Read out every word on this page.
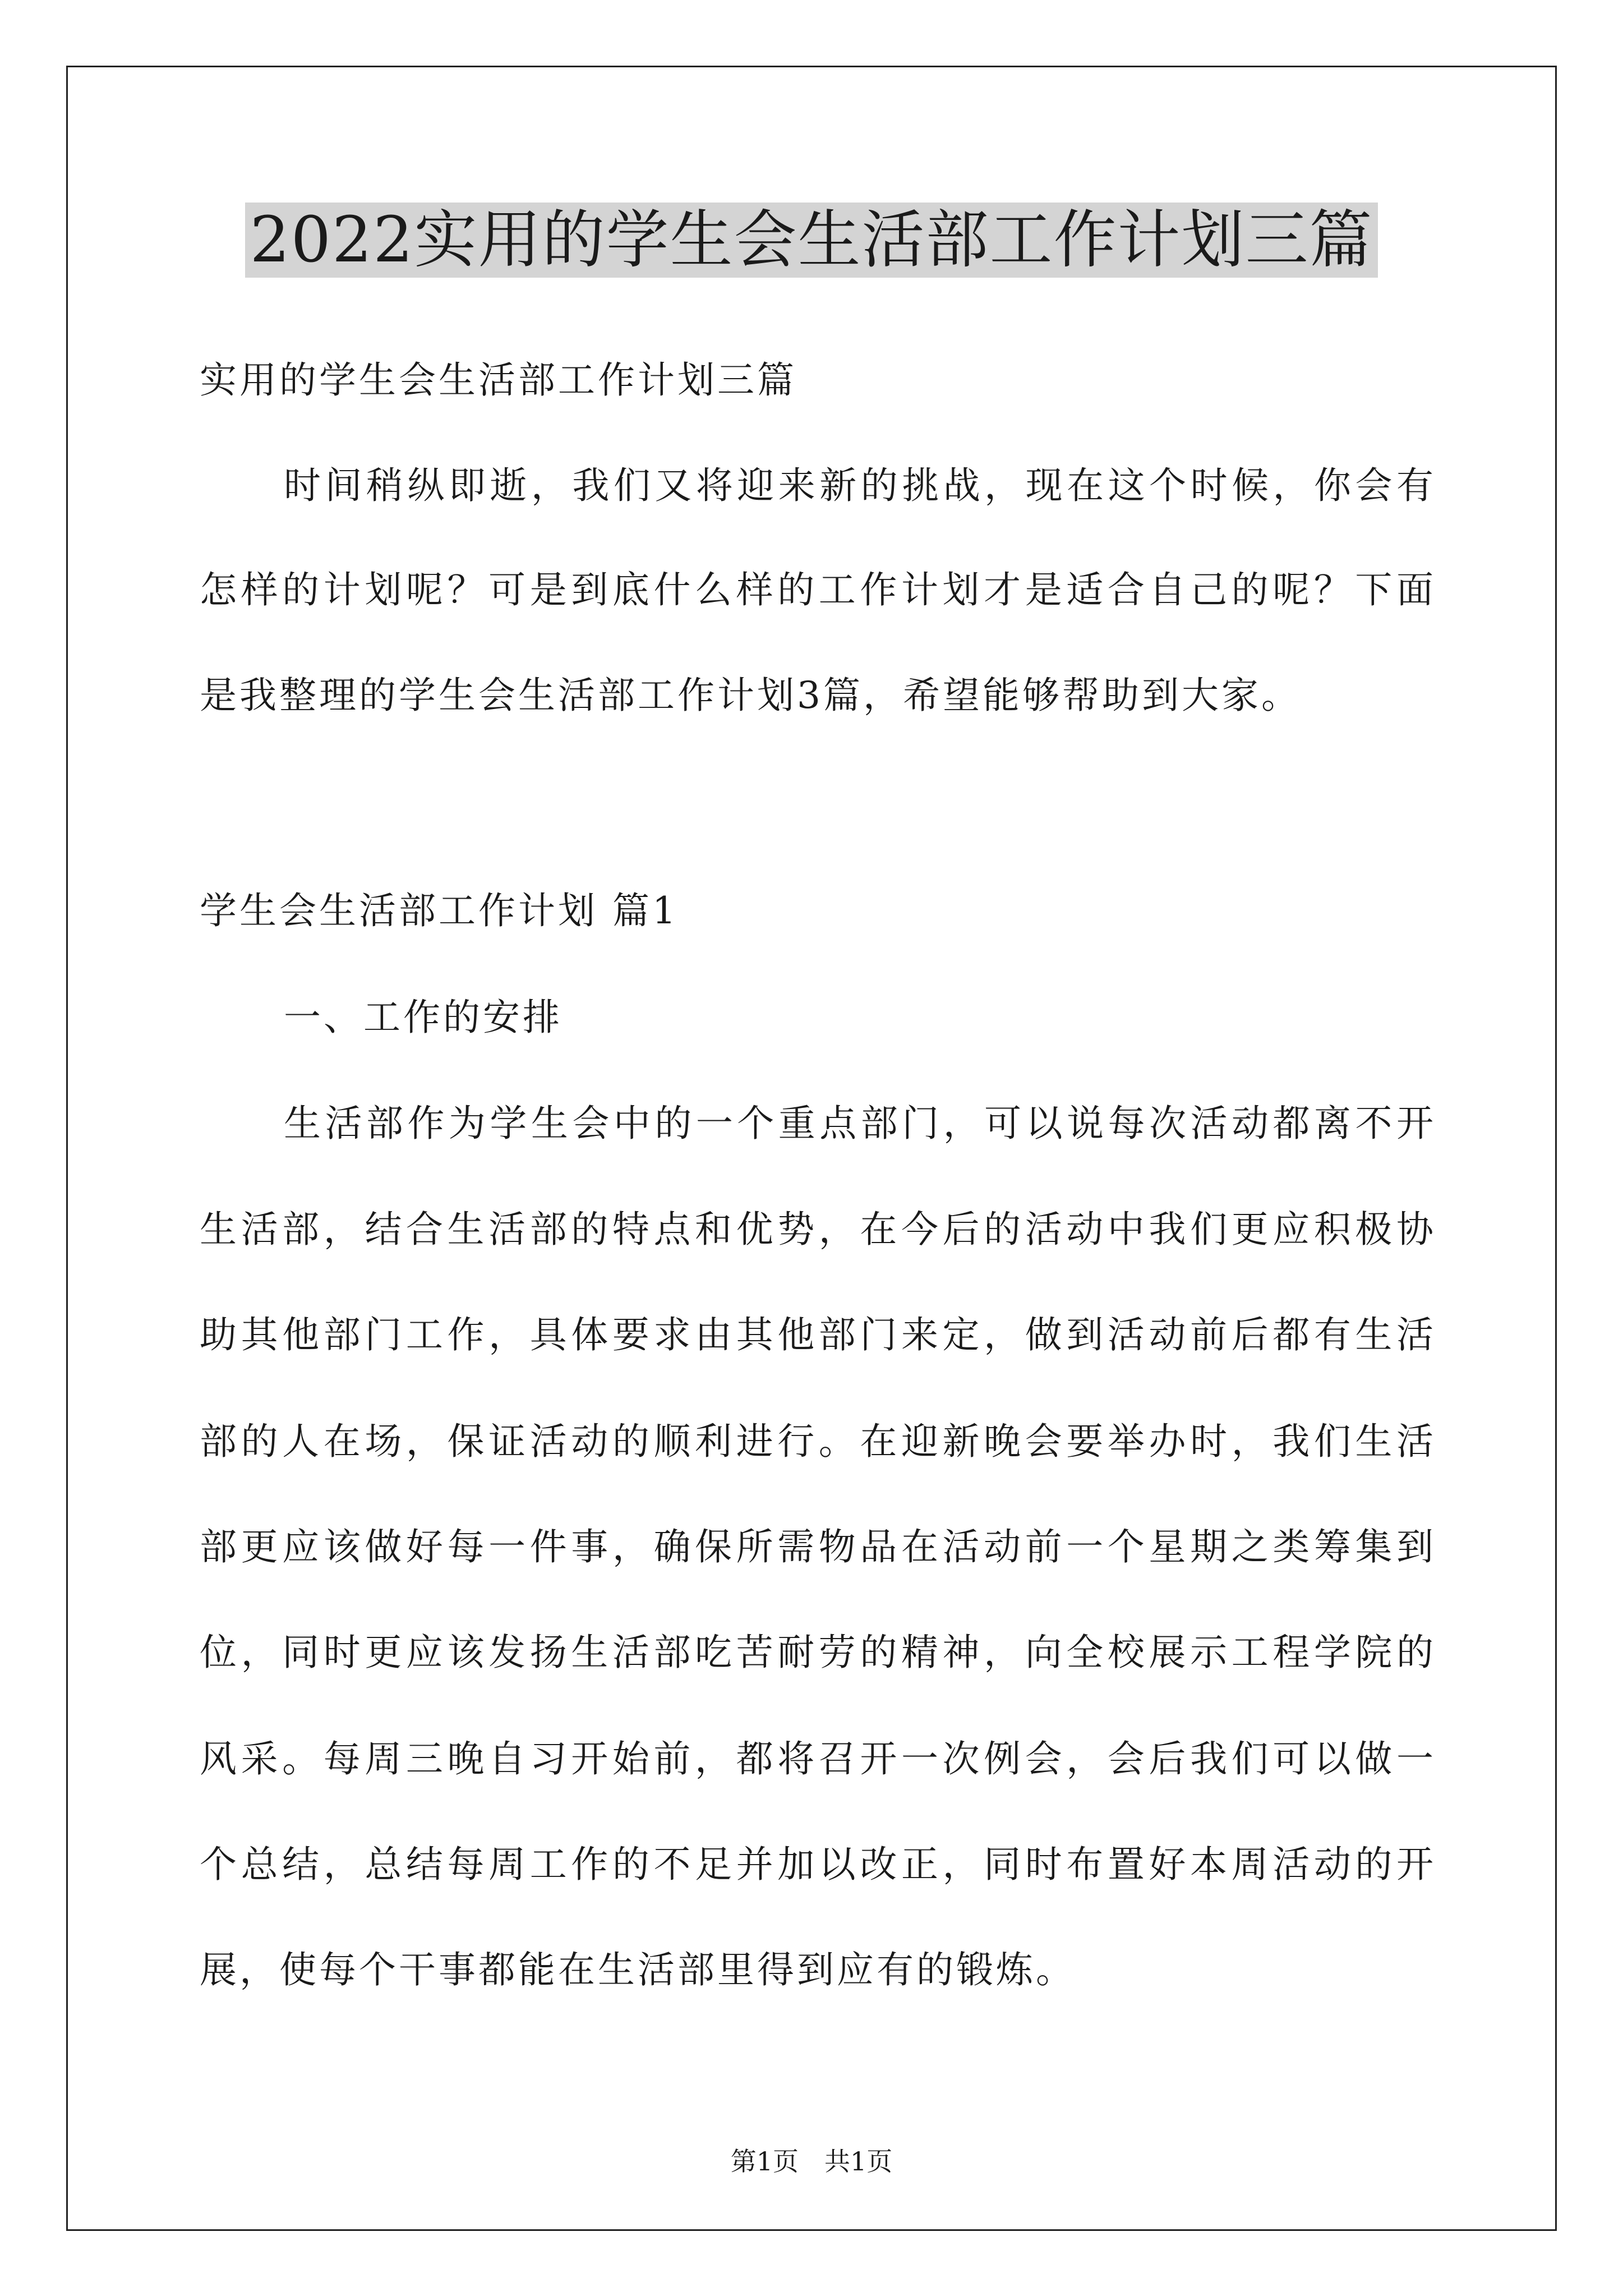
2022实用的学生会生活部工作计划三篇

实用的学生会生活部工作计划三篇

时间稍纵即逝，我们又将迎来新的挑战，现在这个时候，你会有

怎样的计划呢？可是到底什么样的工作计划才是适合自己的呢？下面

是我整理的学生会生活部工作计划3篇，希望能够帮助到大家。

学生会生活部工作计划 篇1

一、工作的安排

生活部作为学生会中的一个重点部门，可以说每次活动都离不开

生活部，结合生活部的特点和优势，在今后的活动中我们更应积极协

助其他部门工作，具体要求由其他部门来定，做到活动前后都有生活

部的人在场，保证活动的顺利进行。在迎新晚会要举办时，我们生活

部更应该做好每一件事，确保所需物品在活动前一个星期之类筹集到

位，同时更应该发扬生活部吃苦耐劳的精神，向全校展示工程学院的

风采。每周三晚自习开始前，都将召开一次例会，会后我们可以做一

个总结，总结每周工作的不足并加以改正，同时布置好本周活动的开

展，使每个干事都能在生活部里得到应有的锻炼。

第1页　共1页
